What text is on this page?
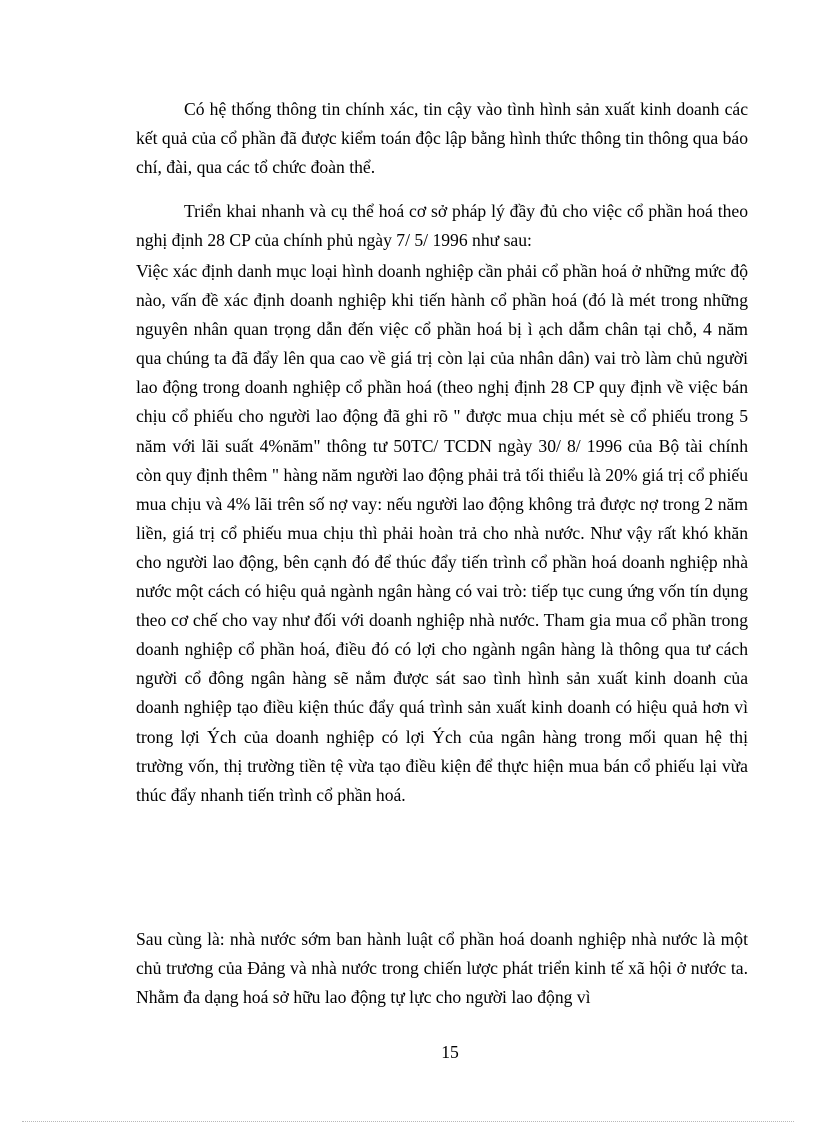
Có hệ thống thông tin chính xác, tin cậy vào tình hình sản xuất kinh doanh các kết quả của cổ phần đã được kiểm toán độc lập bằng hình thức thông tin thông qua báo chí, đài, qua các tổ chức đoàn thể.

Triển khai nhanh và cụ thể hoá cơ sở pháp lý đầy đủ cho việc cổ phần hoá theo nghị định 28 CP của chính phủ ngày 7/ 5/ 1996 như sau:

Việc xác định danh mục loại hình doanh nghiệp cần phải cổ phần hoá ở những mức độ nào, vấn đề xác định doanh nghiệp khi tiến hành cổ phần hoá (đó là mét trong những nguyên nhân quan trọng dẫn đến việc cổ phần hoá bị ì ạch dẫm chân tại chỗ, 4 năm qua chúng ta đã đẩy lên qua cao về giá trị còn lại của nhân dân) vai trò làm chủ người lao động trong doanh nghiệp cổ phần hoá (theo nghị định 28 CP quy định về việc bán chịu cổ phiếu cho người lao động đã ghi rõ " được mua chịu mét sè cổ phiếu trong 5 năm với lãi suất 4%năm" thông tư 50TC/ TCDN ngày 30/ 8/ 1996 của Bộ tài chính còn quy định thêm " hàng năm người lao động phải trả tối thiểu là 20% giá trị cổ phiếu mua chịu và 4% lãi trên số nợ vay: nếu người lao động không trả được nợ trong 2 năm liền, giá trị cổ phiếu mua chịu thì phải hoàn trả cho nhà nước. Như vậy rất khó khăn cho người lao động, bên cạnh đó để thúc đẩy tiến trình cổ phần hoá doanh nghiệp nhà nước một cách có hiệu quả ngành ngân hàng có vai trò: tiếp tục cung ứng vốn tín dụng theo cơ chế cho vay như đối với doanh nghiệp nhà nước. Tham gia mua cổ phần trong doanh nghiệp cổ phần hoá, điều đó có lợi cho ngành ngân hàng là thông qua tư cách người cổ đông ngân hàng sẽ nắm được sát sao tình hình sản xuất kinh doanh của doanh nghiệp tạo điều kiện thúc đẩy quá trình sản xuất kinh doanh có hiệu quả hơn vì trong lợi Ých của doanh nghiệp có lợi Ých của ngân hàng trong mối quan hệ thị trường vốn, thị trường tiền tệ vừa tạo điều kiện để thực hiện mua bán cổ phiếu lại vừa thúc đẩy nhanh tiến trình cổ phần hoá.

Sau cùng là: nhà nước sớm ban hành luật cổ phần hoá doanh nghiệp nhà nước là một chủ trương của Đảng và nhà nước trong chiến lược phát triển kinh tế xã hội ở nước ta. Nhằm đa dạng hoá sở hữu lao động tự lực cho người lao động vì

15
